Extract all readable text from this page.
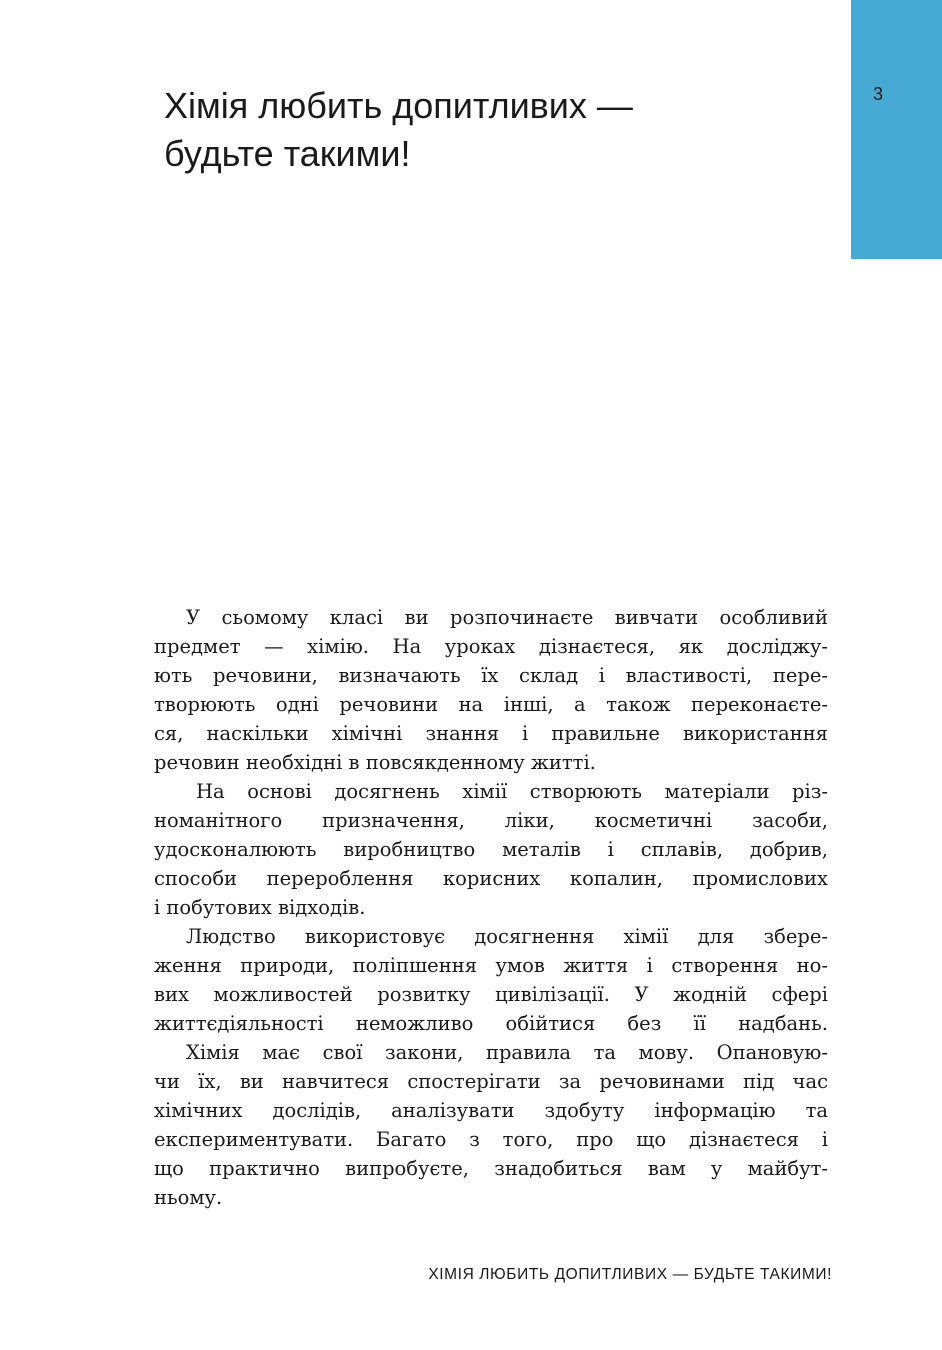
3
Хімія любить допитливих —
будьте такими!

У сьомому класі ви розпочинаєте вивчати особливий
предмет — хімію. На уроках дізнаєтеся, як досліджу-
ють речовини, визначають їх склад і властивості, пере-
творюють одні речовини на інші, а також переконаєте-
ся, наскільки хімічні знання і правильне використання
речовин необхідні в повсякденному житті.

На основі досягнень хімії створюють матеріали різ-
номанітного призначення, ліки, косметичні засоби,
удосконалюють виробництво металів і сплавів, добрив,
способи перероблення корисних копалин, промислових
і побутових відходів.

Людство використовує досягнення хімії для збере-
ження природи, поліпшення умов життя і створення но-
вих можливостей розвитку цивілізації. У жодній сфері
життєдіяльності неможливо обійтися без її надбань.

Хімія має свої закони, правила та мову. Опановую-
чи їх, ви навчитеся спостерігати за речовинами під час
хімічних дослідів, аналізувати здобуту інформацію та
експериментувати. Багато з того, про що дізнаєтеся і
що практично випробуєте, знадобиться вам у майбут-
ньому.

ХІМІЯ ЛЮБИТЬ ДОПИТЛИВИХ — БУДЬТЕ ТАКИМИ!
